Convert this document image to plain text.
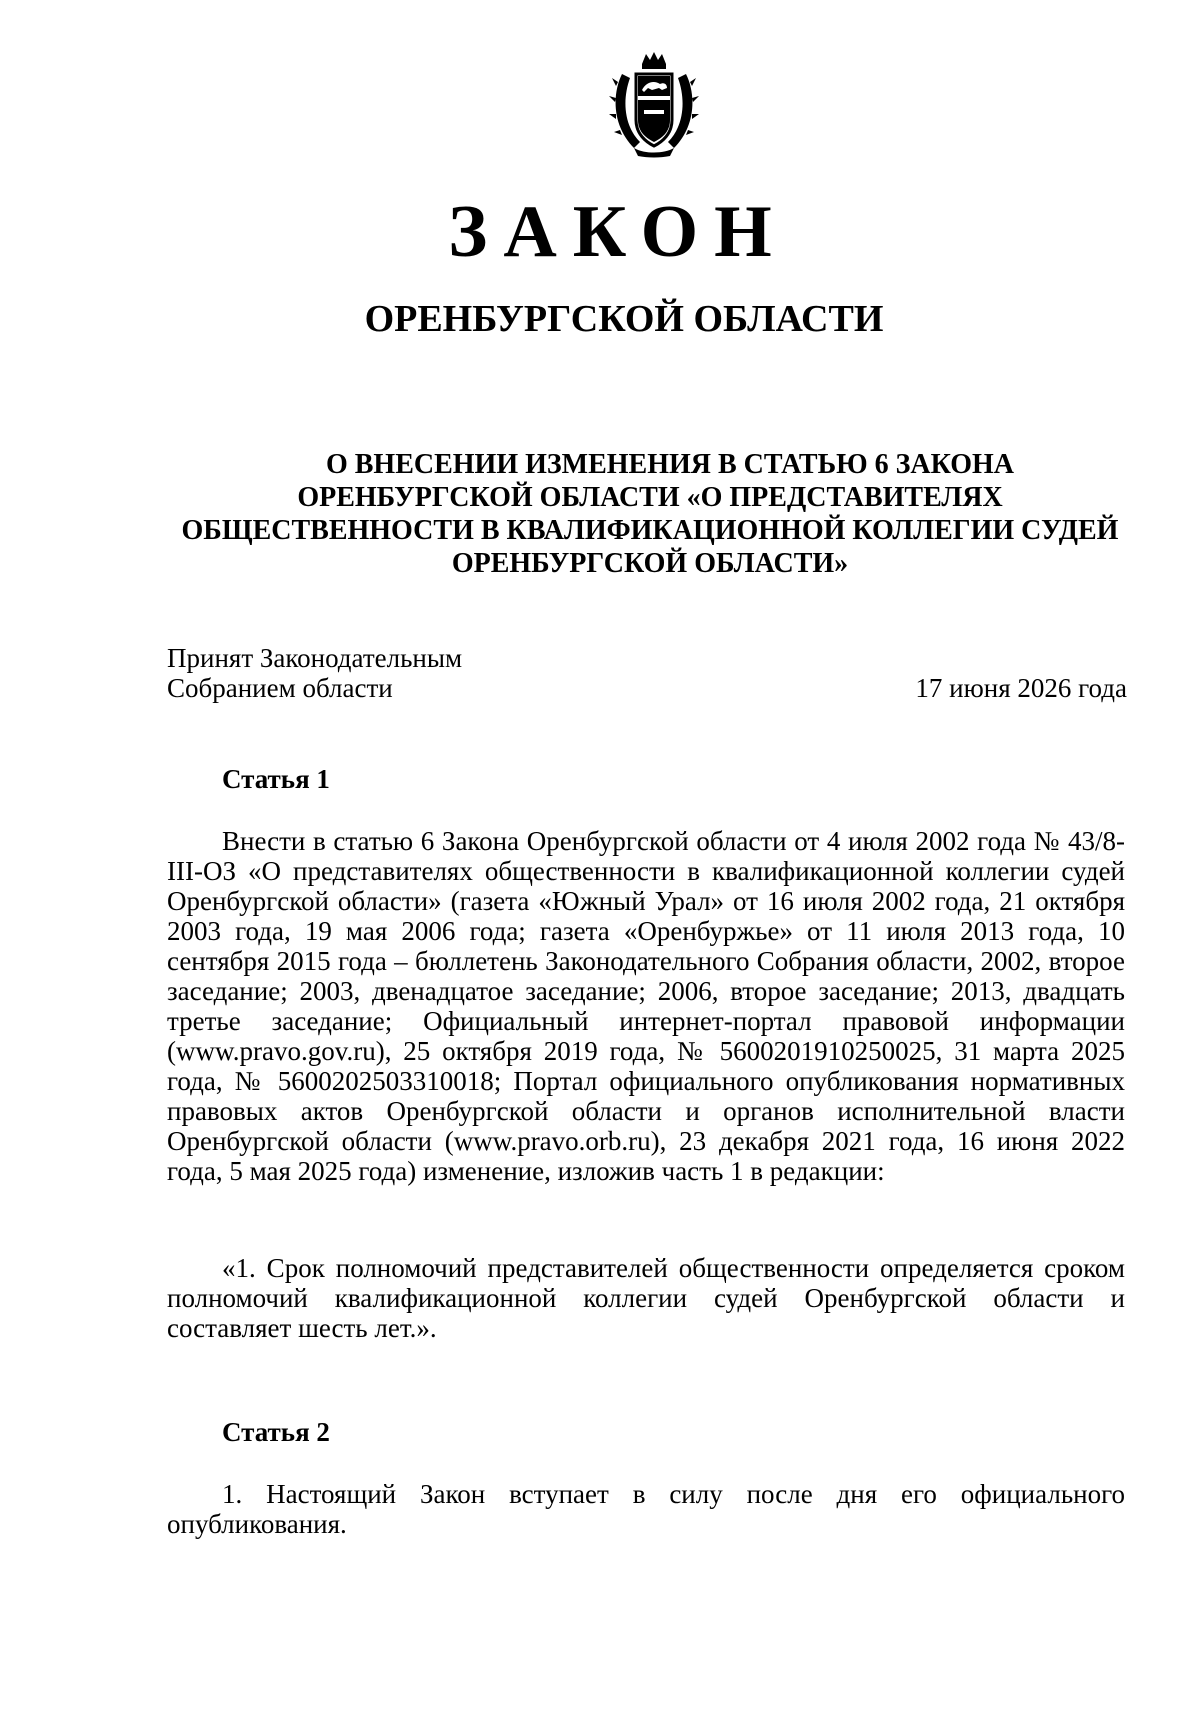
ЗАКОН
ОРЕНБУРГСКОЙ ОБЛАСТИ
О ВНЕСЕНИИ ИЗМЕНЕНИЯ В СТАТЬЮ 6 ЗАКОНА ОРЕНБУРГСКОЙ ОБЛАСТИ «О ПРЕДСТАВИТЕЛЯХ ОБЩЕСТВЕННОСТИ В КВАЛИФИКАЦИОННОЙ КОЛЛЕГИИ СУДЕЙ ОРЕНБУРГСКОЙ ОБЛАСТИ»
Принят Законодательным
Собранием области	17 июня 2026 года
Статья 1
Внести в статью 6 Закона Оренбургской области от 4 июля 2002 года № 43/8-III-ОЗ «О представителях общественности в квалификационной коллегии судей Оренбургской области» (газета «Южный Урал» от 16 июля 2002 года, 21 октября 2003 года, 19 мая 2006 года; газета «Оренбуржье» от 11 июля 2013 года, 10 сентября 2015 года – бюллетень Законодательного Собрания области, 2002, второе заседание; 2003, двенадцатое заседание; 2006, второе заседание; 2013, двадцать третье заседание; Официальный интернет-портал правовой информации (www.pravo.gov.ru), 25 октября 2019 года, № 5600201910250025, 31 марта 2025 года, № 5600202503310018; Портал официального опубликования нормативных правовых актов Оренбургской области и органов исполнительной власти Оренбургской области (www.pravo.orb.ru), 23 декабря 2021 года, 16 июня 2022 года, 5 мая 2025 года) изменение, изложив часть 1 в редакции:
«1. Срок полномочий представителей общественности определяется сроком полномочий квалификационной коллегии судей Оренбургской области и составляет шесть лет.».
Статья 2
1. Настоящий Закон вступает в силу после дня его официального опубликования.
